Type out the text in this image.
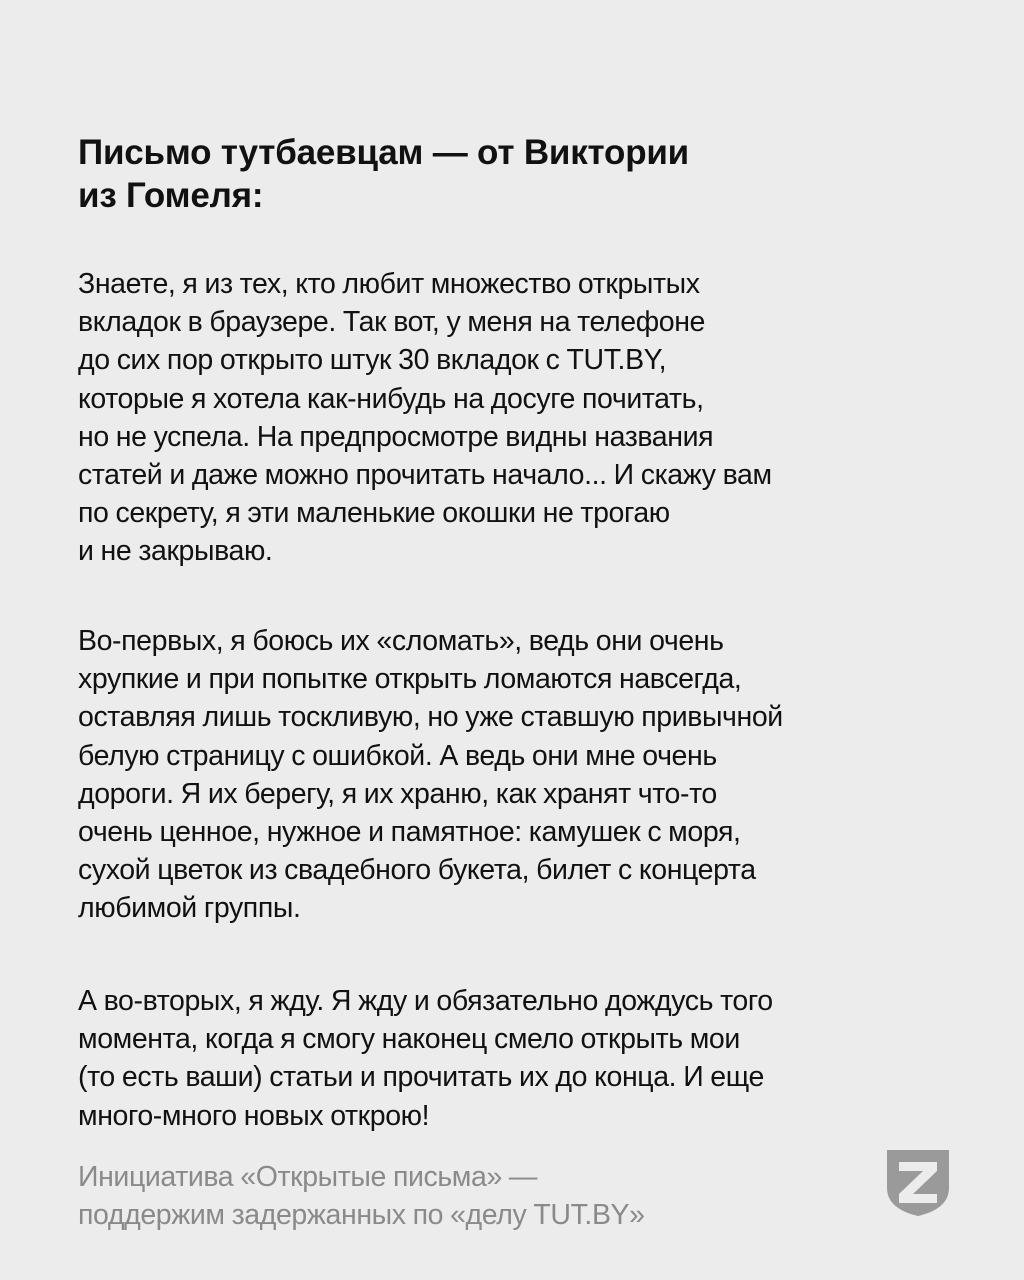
Письмо тутбаевцам — от Виктории
из Гомеля:

Знаете, я из тех, кто любит множество открытых
вкладок в браузере. Так вот, у меня на телефоне
до сих пор открыто штук 30 вкладок с TUT.BY,
которые я хотела как-нибудь на досуге почитать,
но не успела. На предпросмотре видны названия
статей и даже можно прочитать начало... И скажу вам
по секрету, я эти маленькие окошки не трогаю
и не закрываю.

Во-первых, я боюсь их «сломать», ведь они очень
хрупкие и при попытке открыть ломаются навсегда,
оставляя лишь тоскливую, но уже ставшую привычной
белую страницу с ошибкой. А ведь они мне очень
дороги. Я их берегу, я их храню, как хранят что-то
очень ценное, нужное и памятное: камушек с моря,
сухой цветок из свадебного букета, билет с концерта
любимой группы.

А во-вторых, я жду. Я жду и обязательно дождусь того
момента, когда я смогу наконец смело открыть мои
(то есть ваши) статьи и прочитать их до конца. И еще
много-много новых открою!

Инициатива «Открытые письма» —
поддержим задержанных по «делу TUT.BY»
